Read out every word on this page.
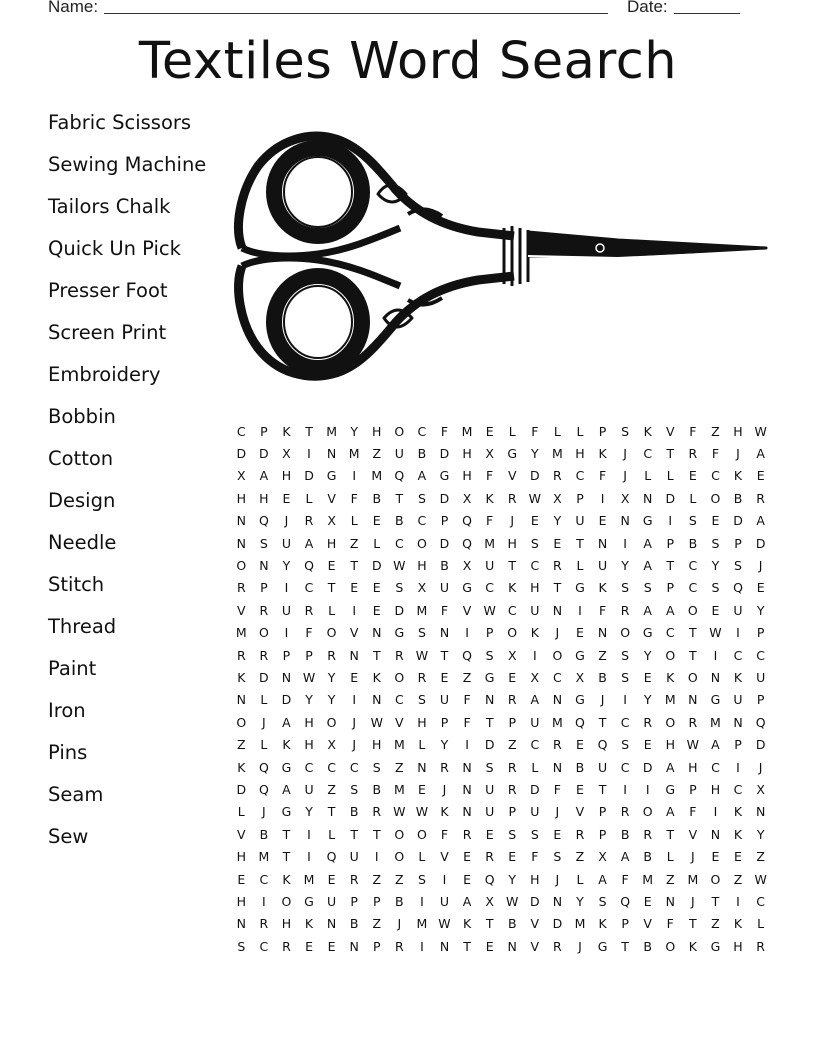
Name:	Date:
Textiles Word Search
Fabric Scissors
Sewing Machine
Tailors Chalk
Quick Un Pick
Presser Foot
Screen Print
Embroidery
Bobbin
Cotton
Design
Needle
Stitch
Thread
Paint
Iron
Pins
Seam
Sew
C	P	K	T	M	Y	H	O	C	F	M	E	L	F	L	L	P	S	K	V	F	Z	H	W
D	D	X	I	N	M	Z	U	B	D	H	X	G	Y	M	H	K	J	C	T	R	F	J	A
X	A	H	D	G	I	M	Q	A	G	H	F	V	D	R	C	F	J	L	L	E	C	K	E
H	H	E	L	V	F	B	T	S	D	X	K	R	W	X	P	I	X	N	D	L	O	B	R
N	Q	J	R	X	L	E	B	C	P	Q	F	J	E	Y	U	E	N	G	I	S	E	D	A
N	S	U	A	H	Z	L	C	O	D	Q	M	H	S	E	T	N	I	A	P	B	S	P	D
O	N	Y	Q	E	T	D	W	H	B	X	U	T	C	R	L	U	Y	A	T	C	Y	S	J
R	P	I	C	T	E	E	S	X	U	G	C	K	H	T	G	K	S	S	P	C	S	Q	E
V	R	U	R	L	I	E	D	M	F	V	W	C	U	N	I	F	R	A	A	O	E	U	Y
M	O	I	F	O	V	N	G	S	N	I	P	O	K	J	E	N	O	G	C	T	W	I	P
R	R	P	P	R	N	T	R	W	T	Q	S	X	I	O	G	Z	S	Y	O	T	I	C	C
K	D	N	W	Y	E	K	O	R	E	Z	G	E	X	C	X	B	S	E	K	O	N	K	U
N	L	D	Y	Y	I	N	C	S	U	F	N	R	A	N	G	J	I	Y	M	N	G	U	P
O	J	A	H	O	J	W	V	H	P	F	T	P	U	M	Q	T	C	R	O	R	M	N	Q
Z	L	K	H	X	J	H	M	L	Y	I	D	Z	C	R	E	Q	S	E	H	W	A	P	D
K	Q	G	C	C	C	S	Z	N	R	N	S	R	L	N	B	U	C	D	A	H	C	I	J
D	Q	A	U	Z	S	B	M	E	J	N	U	R	D	F	E	T	I	I	G	P	H	C	X
L	J	G	Y	T	B	R	W	W	K	N	U	P	U	J	V	P	R	O	A	F	I	K	N
V	B	T	I	L	T	T	O	O	F	R	E	S	S	E	R	P	B	R	T	V	N	K	Y
H	M	T	I	Q	U	I	O	L	V	E	R	E	F	S	Z	X	A	B	L	J	E	E	Z
E	C	K	M	E	R	Z	Z	S	I	E	Q	Y	H	J	L	A	F	M	Z	M	O	Z	W
H	I	O	G	U	P	P	B	I	U	A	X	W	D	N	Y	S	Q	E	N	J	T	I	C
N	R	H	K	N	B	Z	J	M	W	K	T	B	V	D	M	K	P	V	F	T	Z	K	L
S	C	R	E	E	N	P	R	I	N	T	E	N	V	R	J	G	T	B	O	K	G	H	R
